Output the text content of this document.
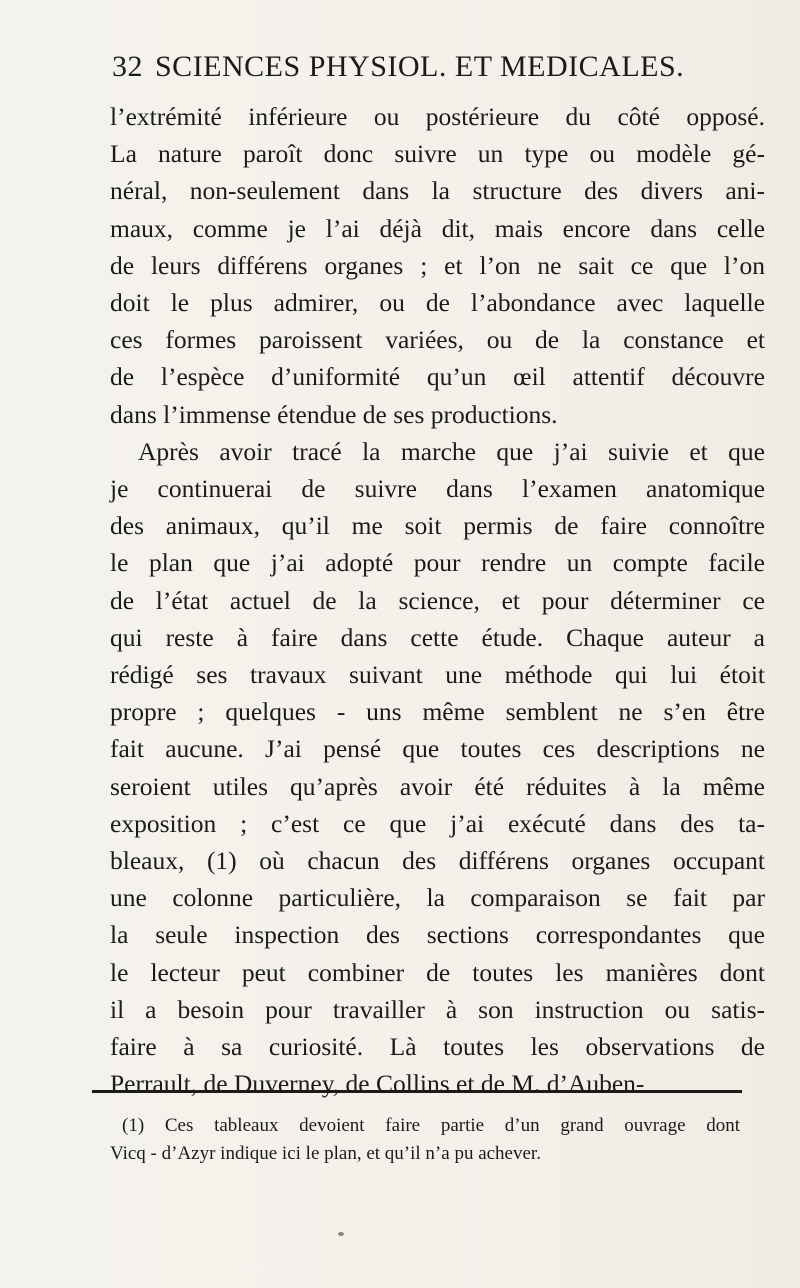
32 SCIENCES PHYSIOL. ET MEDICALES.
l’extrémité inférieure ou postérieure du côté opposé.
La nature paroît donc suivre un type ou modèle gé-
néral, non-seulement dans la structure des divers ani-
maux, comme je l’ai déjà dit, mais encore dans celle
de leurs différens organes ; et l’on ne sait ce que l’on
doit le plus admirer, ou de l’abondance avec laquelle
ces formes paroissent variées, ou de la constance et
de l’espèce d’uniformité qu’un œil attentif découvre
dans l’immense étendue de ses productions.
Après avoir tracé la marche que j’ai suivie et que
je continuerai de suivre dans l’examen anatomique
des animaux, qu’il me soit permis de faire connoître
le plan que j’ai adopté pour rendre un compte facile
de l’état actuel de la science, et pour déterminer ce
qui reste à faire dans cette étude. Chaque auteur a
rédigé ses travaux suivant une méthode qui lui étoit
propre ; quelques - uns même semblent ne s’en être
fait aucune. J’ai pensé que toutes ces descriptions ne
seroient utiles qu’après avoir été réduites à la même
exposition ; c’est ce que j’ai exécuté dans des ta-
bleaux, (1) où chacun des différens organes occupant
une colonne particulière, la comparaison se fait par
la seule inspection des sections correspondantes que
le lecteur peut combiner de toutes les manières dont
il a besoin pour travailler à son instruction ou satis-
faire à sa curiosité. Là toutes les observations de
Perrault, de Duverney, de Collins et de M. d’Auben-
(1) Ces tableaux devoient faire partie d’un grand ouvrage dont
Vicq - d’Azyr indique ici le plan, et qu’il n’a pu achever.
